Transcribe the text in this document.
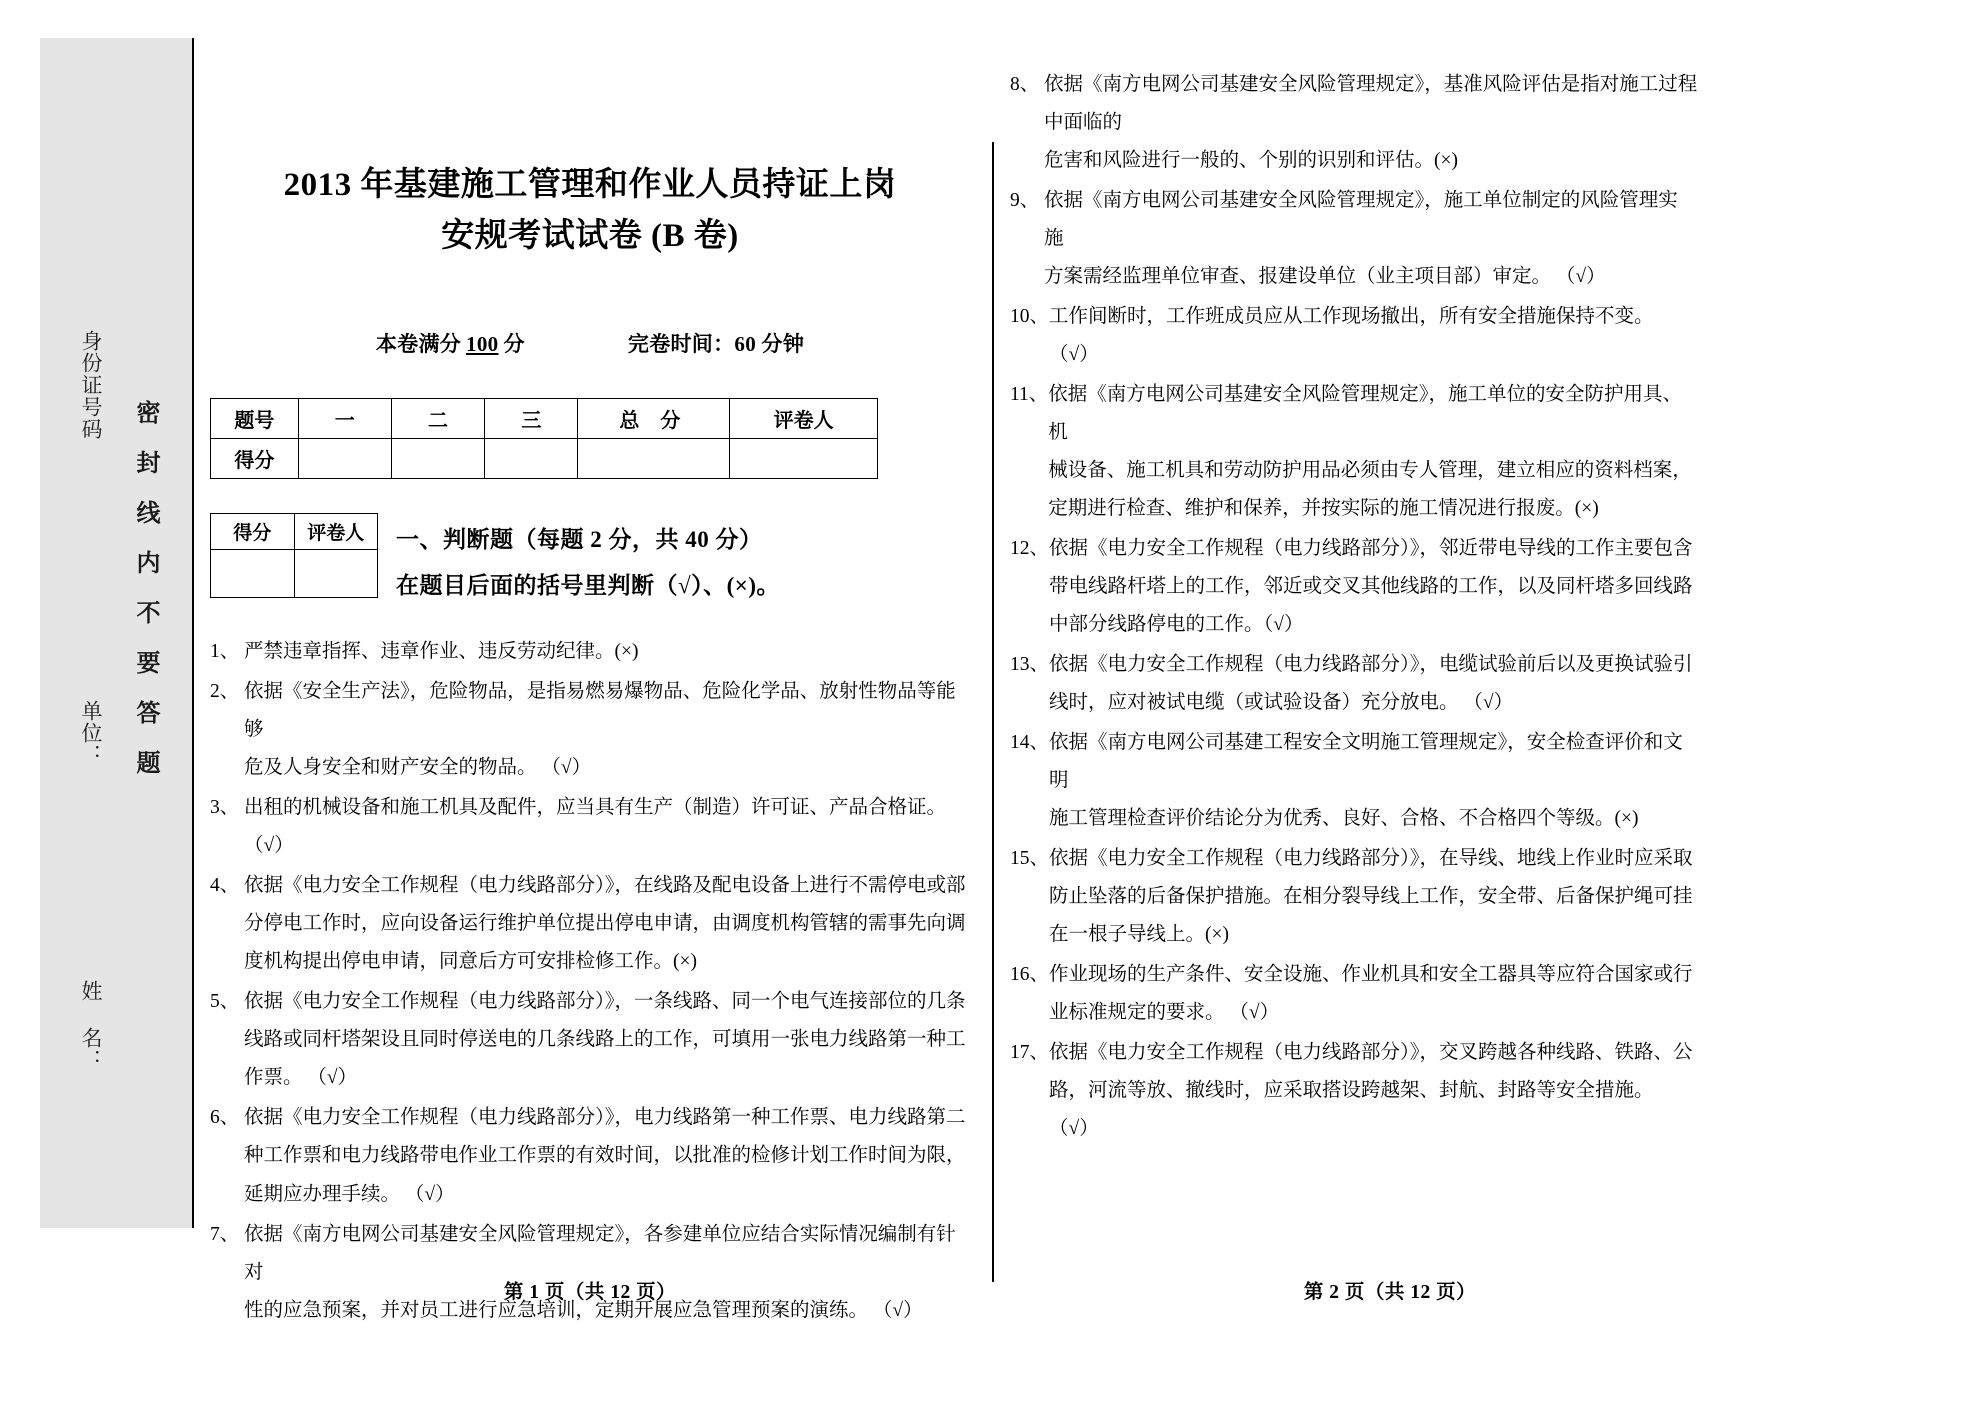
身份证号码
单位：
姓 名：
密封线内不要答题
2013 年基建施工管理和作业人员持证上岗
安规考试试卷 (B 卷)
本卷满分 100 分	完卷时间：60 分钟
题号	一	二	三	总 分	评卷人
得分					
得分	评卷人
	一、判断题（每题 2 分，共 40 分）
在题目后面的括号里判断（√）、(×)。
1、 严禁违章指挥、违章作业、违反劳动纪律。(×)
2、 依据《安全生产法》，危险物品，是指易燃易爆物品、危险化学品、放射性物品等能够
危及人身安全和财产安全的物品。 （√）
3、 出租的机械设备和施工机具及配件，应当具有生产（制造）许可证、产品合格证。
（√）
4、 依据《电力安全工作规程（电力线路部分）》，在线路及配电设备上进行不需停电或部
分停电工作时，应向设备运行维护单位提出停电申请，由调度机构管辖的需事先向调
度机构提出停电申请，同意后方可安排检修工作。(×)
5、 依据《电力安全工作规程（电力线路部分）》，一条线路、同一个电气连接部位的几条
线路或同杆塔架设且同时停送电的几条线路上的工作，可填用一张电力线路第一种工
作票。 （√）
6、 依据《电力安全工作规程（电力线路部分）》，电力线路第一种工作票、电力线路第二
种工作票和电力线路带电作业工作票的有效时间，以批准的检修计划工作时间为限，
延期应办理手续。 （√）
7、 依据《南方电网公司基建安全风险管理规定》，各参建单位应结合实际情况编制有针对
性的应急预案，并对员工进行应急培训，定期开展应急管理预案的演练。 （√）
8、 依据《南方电网公司基建安全风险管理规定》，基准风险评估是指对施工过程
中面临的
危害和风险进行一般的、个别的识别和评估。(×)
9、 依据《南方电网公司基建安全风险管理规定》，施工单位制定的风险管理实
施
方案需经监理单位审查、报建设单位（业主项目部）审定。 （√）
10、 工作间断时，工作班成员应从工作现场撤出，所有安全措施保持不变。
（√）
11、 依据《南方电网公司基建安全风险管理规定》，施工单位的安全防护用具、
机
械设备、施工机具和劳动防护用品必须由专人管理，建立相应的资料档案，
定期进行检查、维护和保养，并按实际的施工情况进行报废。(×)
12、 依据《电力安全工作规程（电力线路部分）》，邻近带电导线的工作主要包含
带电线路杆塔上的工作，邻近或交叉其他线路的工作，以及同杆塔多回线路
中部分线路停电的工作。（√）
13、 依据《电力安全工作规程（电力线路部分）》，电缆试验前后以及更换试验引
线时，应对被试电缆（或试验设备）充分放电。 （√）
14、 依据《南方电网公司基建工程安全文明施工管理规定》，安全检查评价和文
明
施工管理检查评价结论分为优秀、良好、合格、不合格四个等级。(×)
15、 依据《电力安全工作规程（电力线路部分）》，在导线、地线上作业时应采取
防止坠落的后备保护措施。在相分裂导线上工作，安全带、后备保护绳可挂
在一根子导线上。(×)
16、 作业现场的生产条件、安全设施、作业机具和安全工器具等应符合国家或行
业标准规定的要求。 （√）
17、 依据《电力安全工作规程（电力线路部分）》，交叉跨越各种线路、铁路、公
路，河流等放、撤线时，应采取搭设跨越架、封航、封路等安全措施。
（√）
第 1 页（共 12 页）	第 2 页（共 12 页）
